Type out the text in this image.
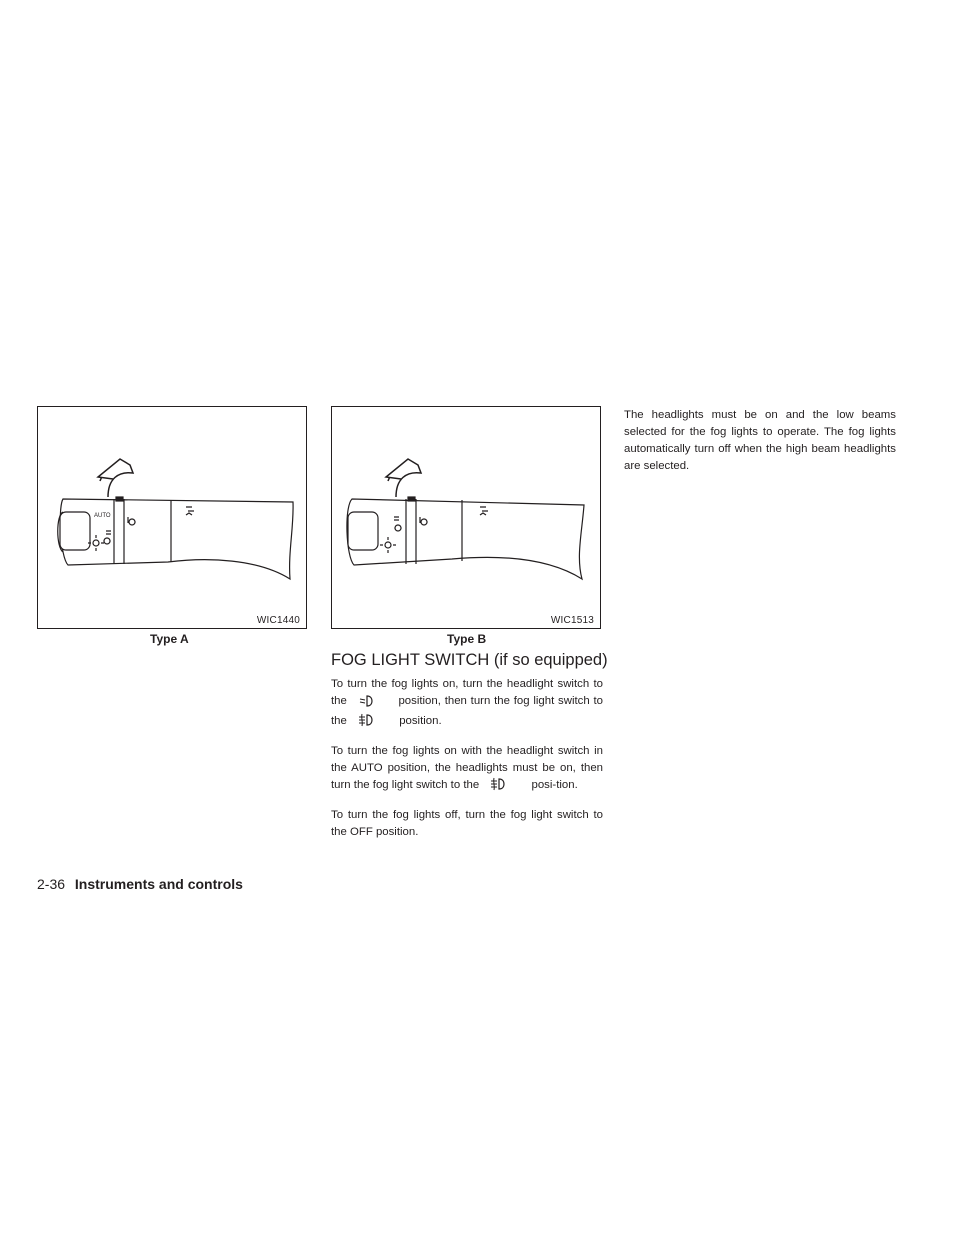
AUTO
WIC1440
Type A
WIC1513
Type B
FOG LIGHT SWITCH (if so equipped)

To turn the fog lights on, turn the headlight switch to the	position, then turn the fog light switch to the	position.

To turn the fog lights on with the headlight switch in the AUTO position, the headlights must be on, then turn the fog light switch to the	posi-tion.

To turn the fog lights off, turn the fog light switch to the OFF position.

The headlights must be on and the low beams selected for the fog lights to operate. The fog lights automatically turn off when the high beam headlights are selected.

2-36 Instruments and controls
